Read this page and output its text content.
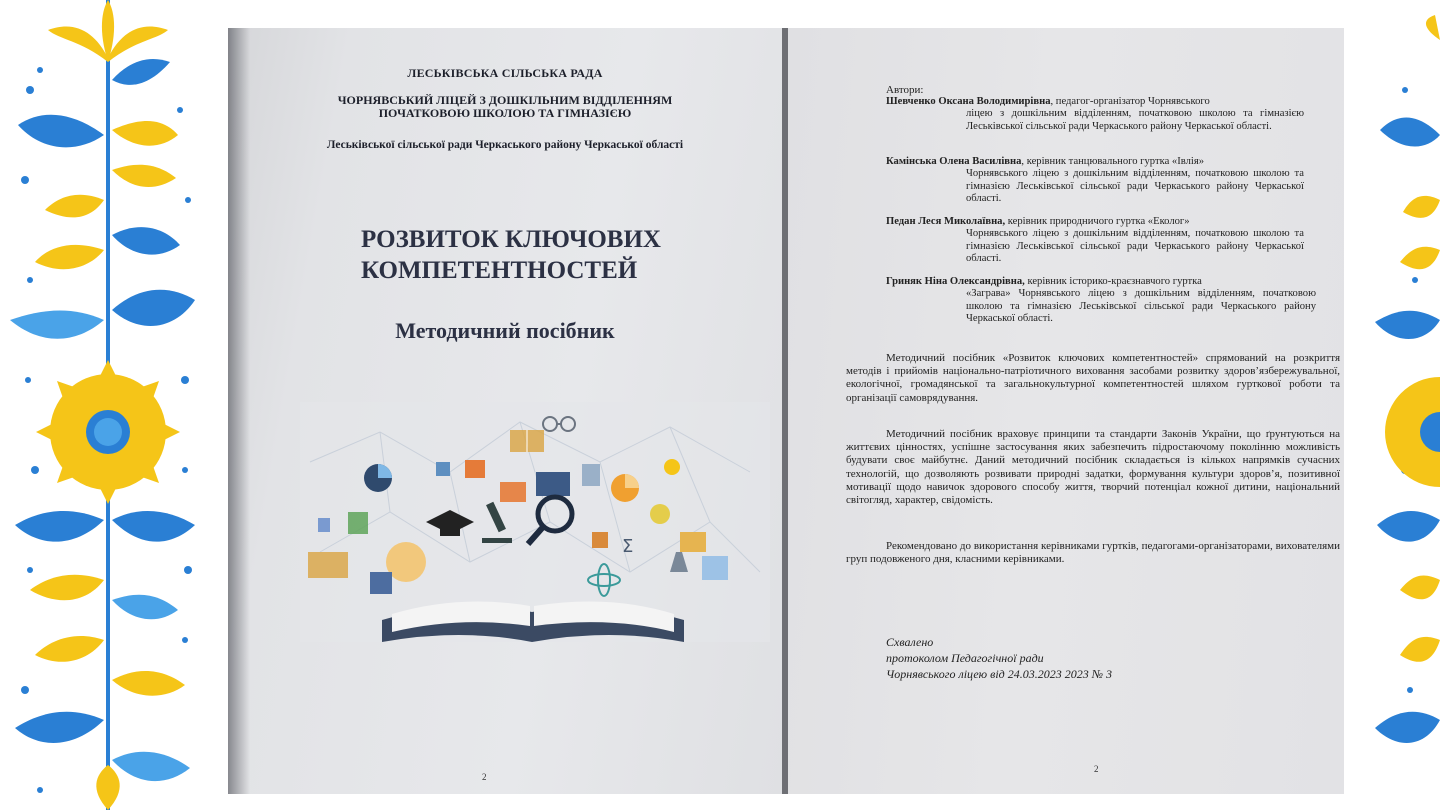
ЛЕСЬКІВСЬКА СІЛЬСЬКА РАДА
ЧОРНЯВСЬКИЙ ЛІЦЕЙ З ДОШКІЛЬНИМ ВІДДІЛЕННЯМ
ПОЧАТКОВОЮ ШКОЛОЮ ТА ГІМНАЗІЄЮ
Леськівської сільської ради Черкаського району Черкаської області
РОЗВИТОК КЛЮЧОВИХ
КОМПЕТЕНТНОСТЕЙ
Методичний посібник
Σ
2
Автори:
Шевченко Оксана Володимирівна, педагог-організатор Чорнявського
ліцею з дошкільним відділенням, початковою школою та гімназією Леськівської сільської ради Черкаського району Черкаської області.
Камінська Олена Василівна, керівник танцювального гуртка «Івлія»
Чорнявського ліцею з дошкільним відділенням, початковою школою та гімназією Леськівської сільської ради Черкаського району Черкаської області.
Педан Леся Миколаївна, керівник природничого гуртка «Еколог»
Чорнявського ліцею з дошкільним відділенням, початковою школою та гімназією Леськівської сільської ради Черкаського району Черкаської області.
Гриняк Ніна Олександрівна, керівник історико-краєзнавчого гуртка
«Заграва» Чорнявського ліцею з дошкільним відділенням, початковою школою та гімназією Леськівської сільської ради Черкаського району Черкаської області.
Методичний посібник «Розвиток ключових компетентностей» спрямований на розкриття методів і прийомів національно-патріотичного виховання засобами розвитку здоров’язбережувальної, екологічної, громадянської та загальнокультурної компетентностей шляхом гурткової роботи та організації самоврядування.
Методичний посібник враховує принципи та стандарти Законів України, що ґрунтуються на життєвих цінностях, успішне застосування яких забезпечить підростаючому поколінню можливість будувати своє майбутнє. Даний методичний посібник складається із кількох напрямків сучасних технологій, що дозволяють розвивати природні задатки, формування культури здоров’я, позитивної мотивації щодо навичок здорового способу життя, творчий потенціал кожної дитини, національний світогляд, характер, свідомість.
Рекомендовано до використання керівниками гуртків, педагогами-організаторами, вихователями груп подовженого дня, класними керівниками.
Схвалено
протоколом Педагогічної ради
Чорнявського ліцею від 24.03.2023 2023 № 3
2
